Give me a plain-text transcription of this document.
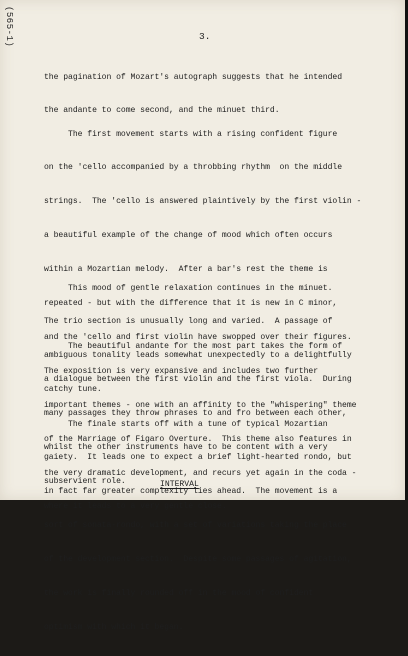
(565-1)	3.

the pagination of Mozart's autograph suggests that he intended

the andante to come second, and the minuet third.

The first movement starts with a rising confident figure

on the 'cello accompanied by a throbbing rhythm  on the middle

strings.  The 'cello is answered plaintively by the first violin -

a beautiful example of the change of mood which often occurs

within a Mozartian melody.  After a bar's rest the theme is

repeated - but with the difference that it is new in C minor,

and the 'cello and first violin have swopped over their figures.

The exposition is very expansive and includes two further

important themes - one with an affinity to the "whispering" theme

of the Marriage of Figaro Overture.  This theme also features in

the very dramatic development, and recurs yet again in the coda -

where it leads to a very gentle close.

This mood of gentle relaxation continues in the minuet.

The trio section is unusually long and varied.  A passage of

ambiguous tonality leads somewhat unexpectedly to a delightfully

catchy tune.

The beautiful andante for the most part takes the form of

a dialogue between the first violin and the first viola.  During

many passages they throw phrases to and fro between each other,

whilst the other instruments have to be content with a very

subservient role.

The finale starts off with a tune of typical Mozartian

gaiety.  It leads one to expect a brief light-hearted rondo, but

in fact far greater complexity lies ahead.  The movement is a

sort of sonata-rondo, with a set of variations taking the place

of the development section.  Despite some passages of agitation,

the work is finally rounded off in the mood of confident

optimism with which it began.

INTERVAL
